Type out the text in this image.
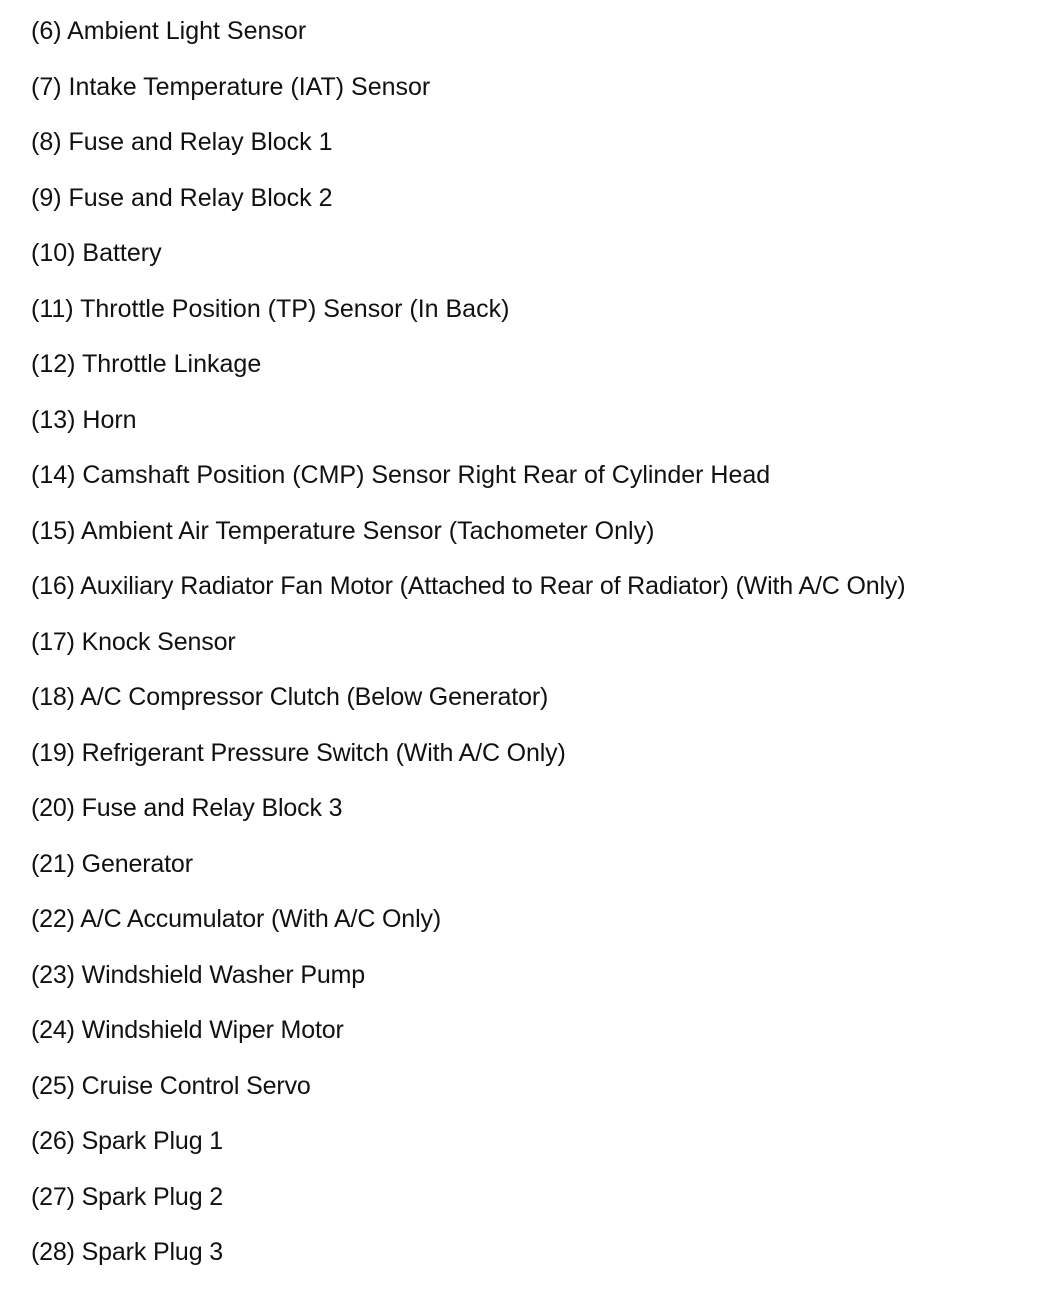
(6) Ambient Light Sensor
(7) Intake Temperature (IAT) Sensor
(8) Fuse and Relay Block 1
(9) Fuse and Relay Block 2
(10) Battery
(11) Throttle Position (TP) Sensor (In Back)
(12) Throttle Linkage
(13) Horn
(14) Camshaft Position (CMP) Sensor Right Rear of Cylinder Head
(15) Ambient Air Temperature Sensor (Tachometer Only)
(16) Auxiliary Radiator Fan Motor (Attached to Rear of Radiator) (With A/C Only)
(17) Knock Sensor
(18) A/C Compressor Clutch (Below Generator)
(19) Refrigerant Pressure Switch (With A/C Only)
(20) Fuse and Relay Block 3
(21) Generator
(22) A/C Accumulator (With A/C Only)
(23) Windshield Washer Pump
(24) Windshield Wiper Motor
(25) Cruise Control Servo
(26) Spark Plug 1
(27) Spark Plug 2
(28) Spark Plug 3
